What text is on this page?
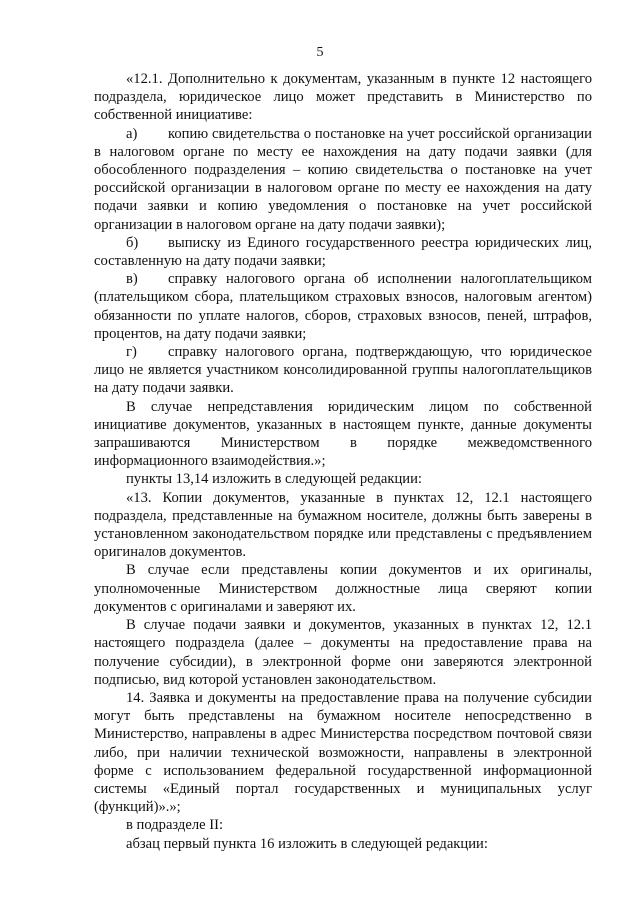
5

«12.1. Дополнительно к документам, указанным в пункте 12 настоящего подраздела, юридическое лицо может представить в Министерство по собственной инициативе:

а) копию свидетельства о постановке на учет российской организации в налоговом органе по месту ее нахождения на дату подачи заявки (для обособленного подразделения – копию свидетельства о постановке на учет российской организации в налоговом органе по месту ее нахождения на дату подачи заявки и копию уведомления о постановке на учет российской организации в налоговом органе на дату подачи заявки);

б) выписку из Единого государственного реестра юридических лиц, составленную на дату подачи заявки;

в) справку налогового органа об исполнении налогоплательщиком (плательщиком сбора, плательщиком страховых взносов, налоговым агентом) обязанности по уплате налогов, сборов, страховых взносов, пеней, штрафов, процентов, на дату подачи заявки;

г) справку налогового органа, подтверждающую, что юридическое лицо не является участником консолидированной группы налогоплательщиков на дату подачи заявки.

В случае непредставления юридическим лицом по собственной инициативе документов, указанных в настоящем пункте, данные документы запрашиваются Министерством в порядке межведомственного информационного взаимодействия.»;

пункты 13,14 изложить в следующей редакции:

«13. Копии документов, указанные в пунктах 12, 12.1 настоящего подраздела, представленные на бумажном носителе, должны быть заверены в установленном законодательством порядке или представлены с предъявлением оригиналов документов.

В случае если представлены копии документов и их оригиналы, уполномоченные Министерством должностные лица сверяют копии документов с оригиналами и заверяют их.

В случае подачи заявки и документов, указанных в пунктах 12, 12.1 настоящего подраздела (далее – документы на предоставление права на получение субсидии), в электронной форме они заверяются электронной подписью, вид которой установлен законодательством.

14. Заявка и документы на предоставление права на получение субсидии могут быть представлены на бумажном носителе непосредственно в Министерство, направлены в адрес Министерства посредством почтовой связи либо, при наличии технической возможности, направлены в электронной форме с использованием федеральной государственной информационной системы «Единый портал государственных и муниципальных услуг (функций)».»;

в подразделе II:

абзац первый пункта 16 изложить в следующей редакции:
